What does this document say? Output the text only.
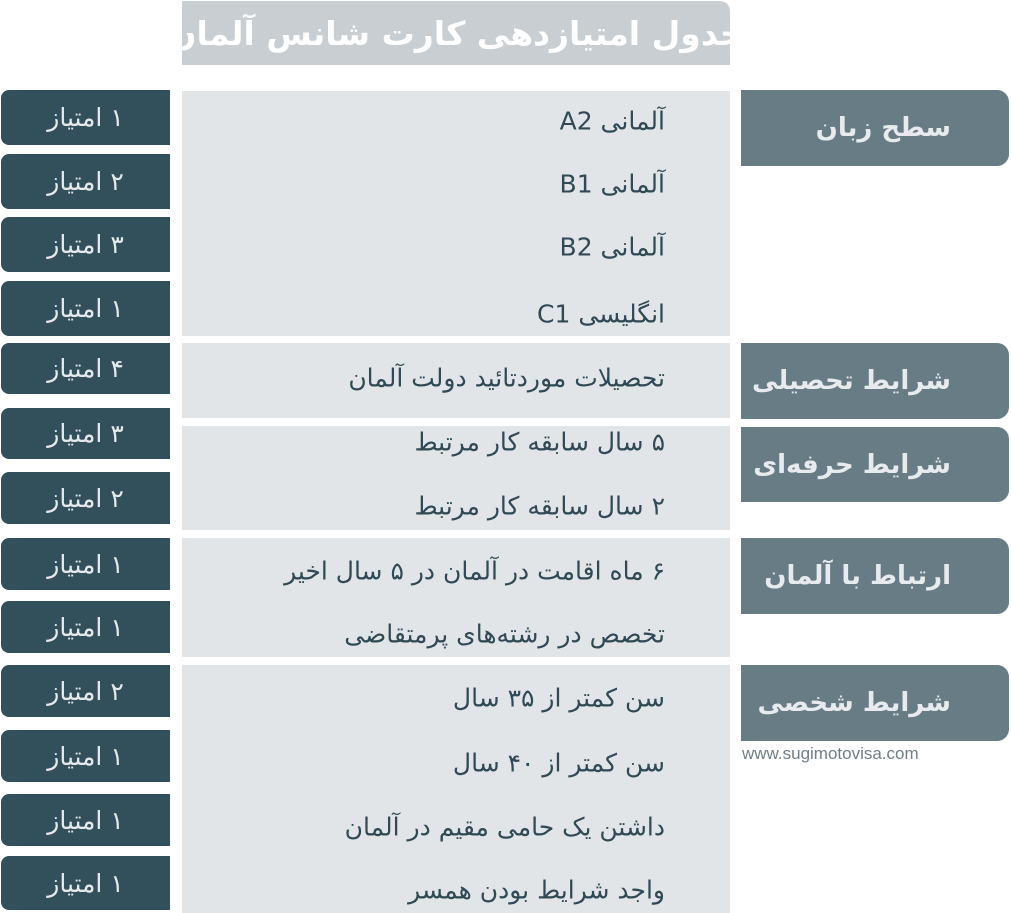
جدول امتیازدهی کارت شانس آلمان
۱ امتیاز
۲ امتیاز
۳ امتیاز
۱ امتیاز
۴ امتیاز
۳ امتیاز
۲ امتیاز
۱ امتیاز
۱ امتیاز
۲ امتیاز
۱ امتیاز
۱ امتیاز
۱ امتیاز
آلمانی A2
آلمانی B1
آلمانی B2
انگلیسی C1
تحصیلات موردتائید دولت آلمان
۵ سال سابقه کار مرتبط
۲ سال سابقه کار مرتبط
۶ ماه اقامت در آلمان در ۵ سال اخیر
تخصص در رشته‌های پرمتقاضی
سن کمتر از ۳۵ سال
سن کمتر از ۴۰ سال
داشتن یک حامی مقیم در آلمان
واجد شرایط بودن همسر
سطح زبان
شرایط تحصیلی
شرایط حرفه‌ای
ارتباط با آلمان
شرایط شخصی
www.sugimotovisa.com
